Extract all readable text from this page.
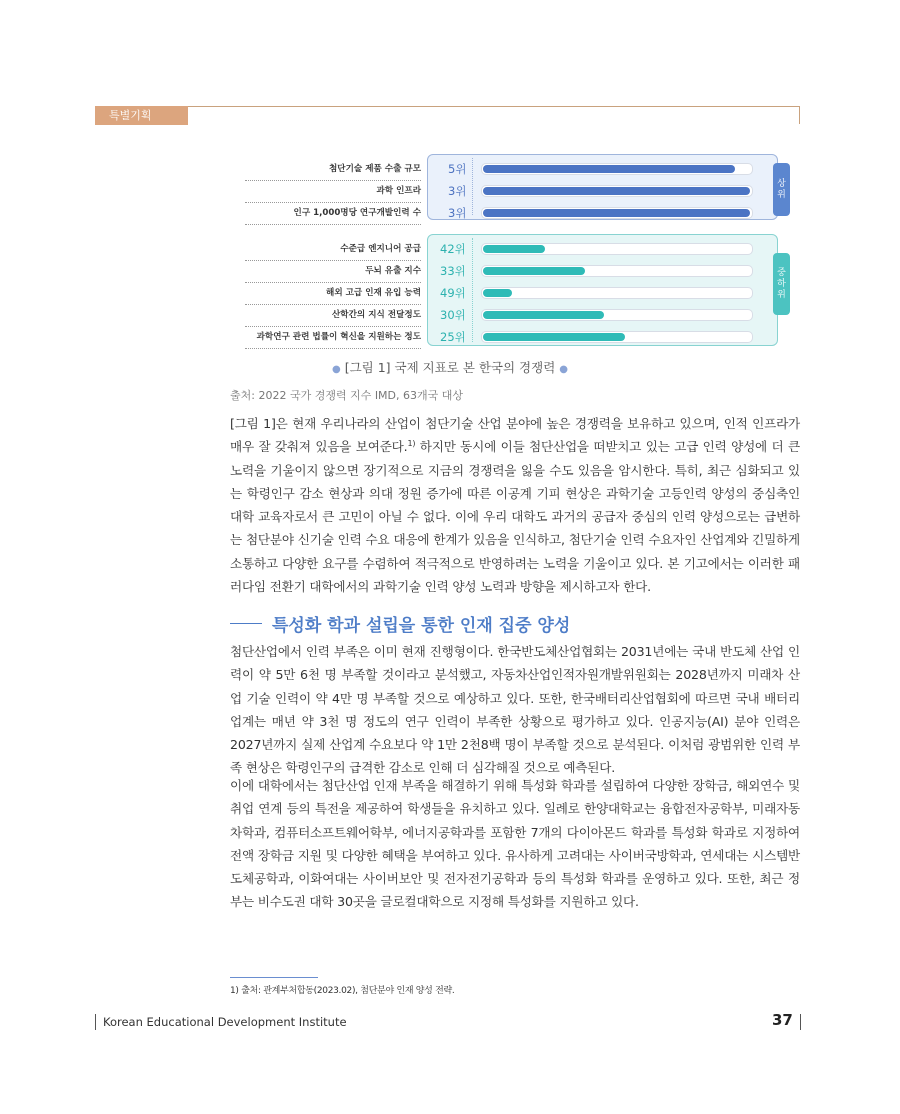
특별기획
상
위
중
하
위
첨단기술 제품 수출 규모 5위
과학 인프라 3위
인구 1,000명당 연구개발인력 수 3위
수준급 엔지니어 공급 42위
두뇌 유출 지수 33위
해외 고급 인재 유입 능력 49위
산학간의 지식 전달정도 30위
과학연구 관련 법률이 혁신을 지원하는 정도 25위
● [그림 1] 국제 지표로 본 한국의 경쟁력 ●
출처: 2022 국가 경쟁력 지수 IMD, 63개국 대상

[그림 1]은 현재 우리나라의 산업이 첨단기술 산업 분야에 높은 경쟁력을 보유하고 있으며, 인적 인프라가 매우 잘 갖춰져 있음을 보여준다.$^{1)}$ 하지만 동시에 이들 첨단산업을 떠받치고 있는 고급 인력 양성에 더 큰 노력을 기울이지 않으면 장기적으로 지금의 경쟁력을 잃을 수도 있음을 암시한다. 특히, 최근 심화되고 있는 학령인구 감소 현상과 의대 정원 증가에 따른 이공계 기피 현상은 과학기술 고등인력 양성의 중심축인 대학 교육자로서 큰 고민이 아닐 수 없다. 이에 우리 대학도 과거의 공급자 중심의 인력 양성으로는 급변하는 첨단분야 신기술 인력 수요 대응에 한계가 있음을 인식하고, 첨단기술 인력 수요자인 산업계와 긴밀하게 소통하고 다양한 요구를 수렴하여 적극적으로 반영하려는 노력을 기울이고 있다. 본 기고에서는 이러한 패러다임 전환기 대학에서의 과학기술 인력 양성 노력과 방향을 제시하고자 한다.

특성화 학과 설립을 통한 인재 집중 양성

첨단산업에서 인력 부족은 이미 현재 진행형이다. 한국반도체산업협회는 2031년에는 국내 반도체 산업 인력이 약 5만 6천 명 부족할 것이라고 분석했고, 자동차산업인적자원개발위원회는 2028년까지 미래차 산업 기술 인력이 약 4만 명 부족할 것으로 예상하고 있다. 또한, 한국배터리산업협회에 따르면 국내 배터리 업계는 매년 약 3천 명 정도의 연구 인력이 부족한 상황으로 평가하고 있다. 인공지능(AI) 분야 인력은 2027년까지 실제 산업계 수요보다 약 1만 2천8백 명이 부족할 것으로 분석된다. 이처럼 광범위한 인력 부족 현상은 학령인구의 급격한 감소로 인해 더 심각해질 것으로 예측된다.

이에 대학에서는 첨단산업 인재 부족을 해결하기 위해 특성화 학과를 설립하여 다양한 장학금, 해외연수 및 취업 연계 등의 특전을 제공하여 학생들을 유치하고 있다. 일례로 한양대학교는 융합전자공학부, 미래자동차학과, 컴퓨터소프트웨어학부, 에너지공학과를 포함한 7개의 다이아몬드 학과를 특성화 학과로 지정하여 전액 장학금 지원 및 다양한 혜택을 부여하고 있다. 유사하게 고려대는 사이버국방학과, 연세대는 시스템반도체공학과, 이화여대는 사이버보안 및 전자전기공학과 등의 특성화 학과를 운영하고 있다. 또한, 최근 정부는 비수도권 대학 30곳을 글로컬대학으로 지정해 특성화를 지원하고 있다.

1) 출처: 관계부처합동(2023.02), 첨단분야 인재 양성 전략.
Korean Educational Development Institute	37
